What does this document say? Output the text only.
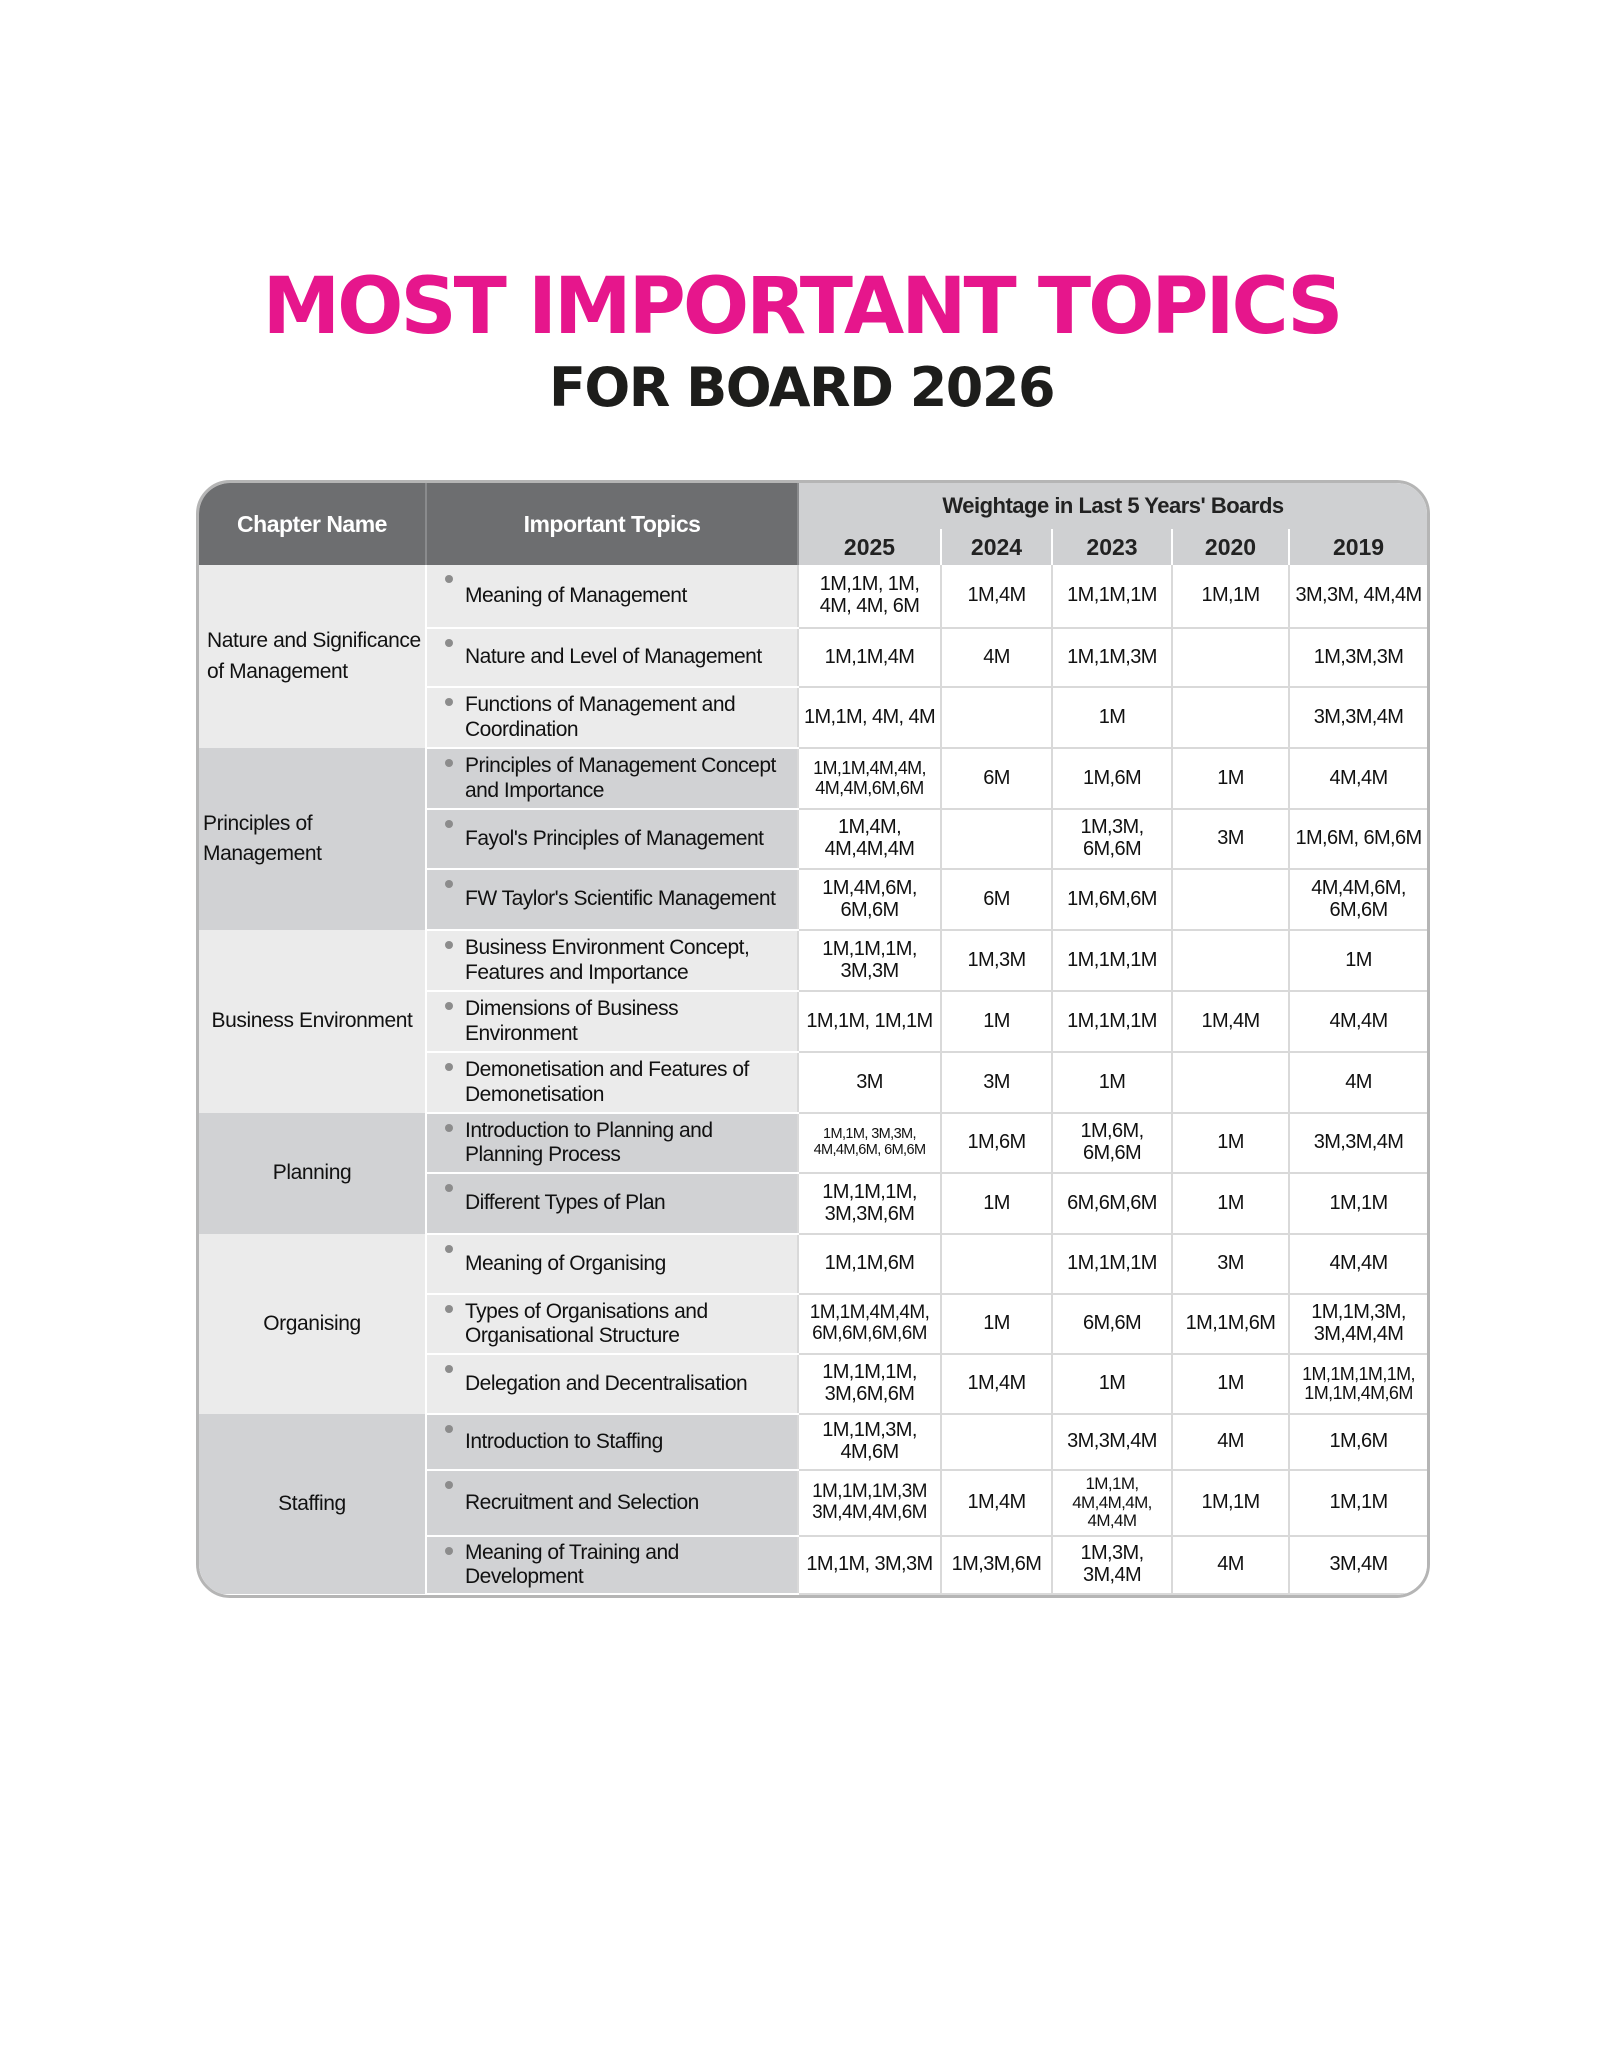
MOST IMPORTANT TOPICS
FOR BOARD 2026
Chapter Name	Important Topics	Weightage in Last 5 Years' Boards				
		2025	2024	2023	2020	2019
Nature and Significance of Management	Meaning of Management	1M,1M, 1M, 4M, 4M, 6M	1M,4M	1M,1M,1M	1M,1M	3M,3M, 4M,4M

	Nature and Level of Management	1M,1M,4M	4M	1M,1M,3M		1M,3M,3M

	Functions of Management and Coordination	1M,1M, 4M, 4M		1M		3M,3M,4M
Principles of Management	Principles of Management Concept and Importance	1M,1M,4M,4M, 4M,4M,6M,6M	6M	1M,6M	1M	4M,4M

	Fayol's Principles of Management	1M,4M, 4M,4M,4M		1M,3M, 6M,6M	3M	1M,6M, 6M,6M

	FW Taylor's Scientific Management	1M,4M,6M, 6M,6M	6M	1M,6M,6M		4M,4M,6M, 6M,6M
Business Environment	Business Environment Concept, Features and Importance	1M,1M,1M, 3M,3M	1M,3M	1M,1M,1M		1M

	Dimensions of Business Environment	1M,1M, 1M,1M	1M	1M,1M,1M	1M,4M	4M,4M

	Demonetisation and Features of Demonetisation	3M	3M	1M		4M
Planning	Introduction to Planning and Planning Process	1M,1M, 3M,3M, 4M,4M,6M, 6M,6M	1M,6M	1M,6M, 6M,6M	1M	3M,3M,4M

	Different Types of Plan	1M,1M,1M, 3M,3M,6M	1M	6M,6M,6M	1M	1M,1M
Organising	Meaning of Organising	1M,1M,6M		1M,1M,1M	3M	4M,4M

	Types of Organisations and Organisational Structure	1M,1M,4M,4M, 6M,6M,6M,6M	1M	6M,6M	1M,1M,6M	1M,1M,3M, 3M,4M,4M

	Delegation and Decentralisation	1M,1M,1M, 3M,6M,6M	1M,4M	1M	1M	1M,1M,1M,1M, 1M,1M,4M,6M
Staffing	Introduction to Staffing	1M,1M,3M, 4M,6M		3M,3M,4M	4M	1M,6M

	Recruitment and Selection	1M,1M,1M,3M 3M,4M,4M,6M	1M,4M	1M,1M, 4M,4M,4M, 4M,4M	1M,1M	1M,1M

	Meaning of Training and Development	1M,1M, 3M,3M	1M,3M,6M	1M,3M, 3M,4M	4M	3M,4M
